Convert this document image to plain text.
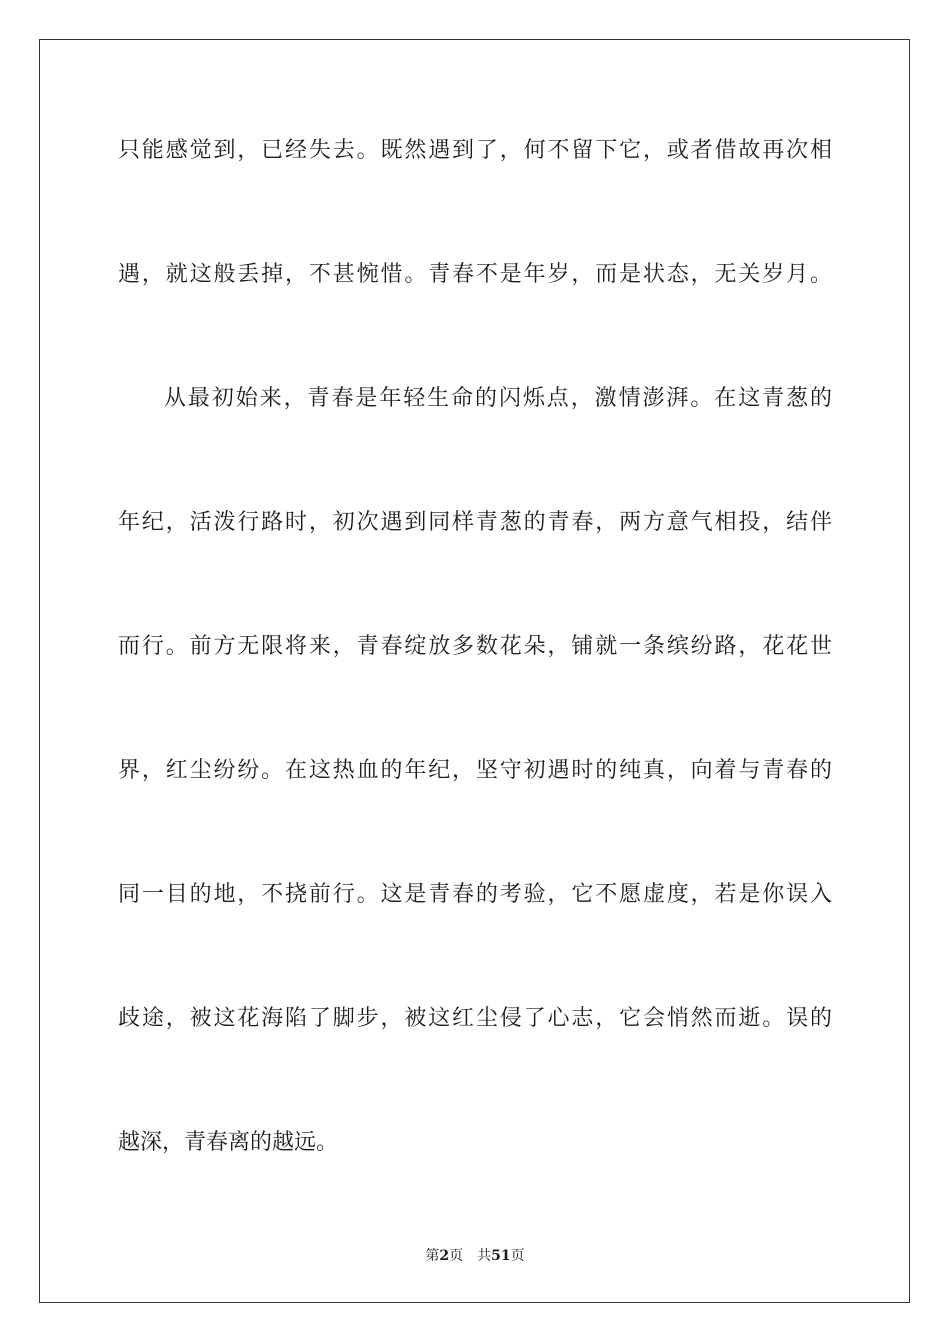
只能感觉到，已经失去。既然遇到了，何不留下它，或者借故再次相
遇，就这般丢掉，不甚惋惜。青春不是年岁，而是状态，无关岁月。
从最初始来，青春是年轻生命的闪烁点，激情澎湃。在这青葱的
年纪，活泼行路时，初次遇到同样青葱的青春，两方意气相投，结伴
而行。前方无限将来，青春绽放多数花朵，铺就一条缤纷路，花花世
界，红尘纷纷。在这热血的年纪，坚守初遇时的纯真，向着与青春的
同一目的地，不挠前行。这是青春的考验，它不愿虚度，若是你误入
歧途，被这花海陷了脚步，被这红尘侵了心志，它会悄然而逝。误的
越深，青春离的越远。
第2页 共51页
